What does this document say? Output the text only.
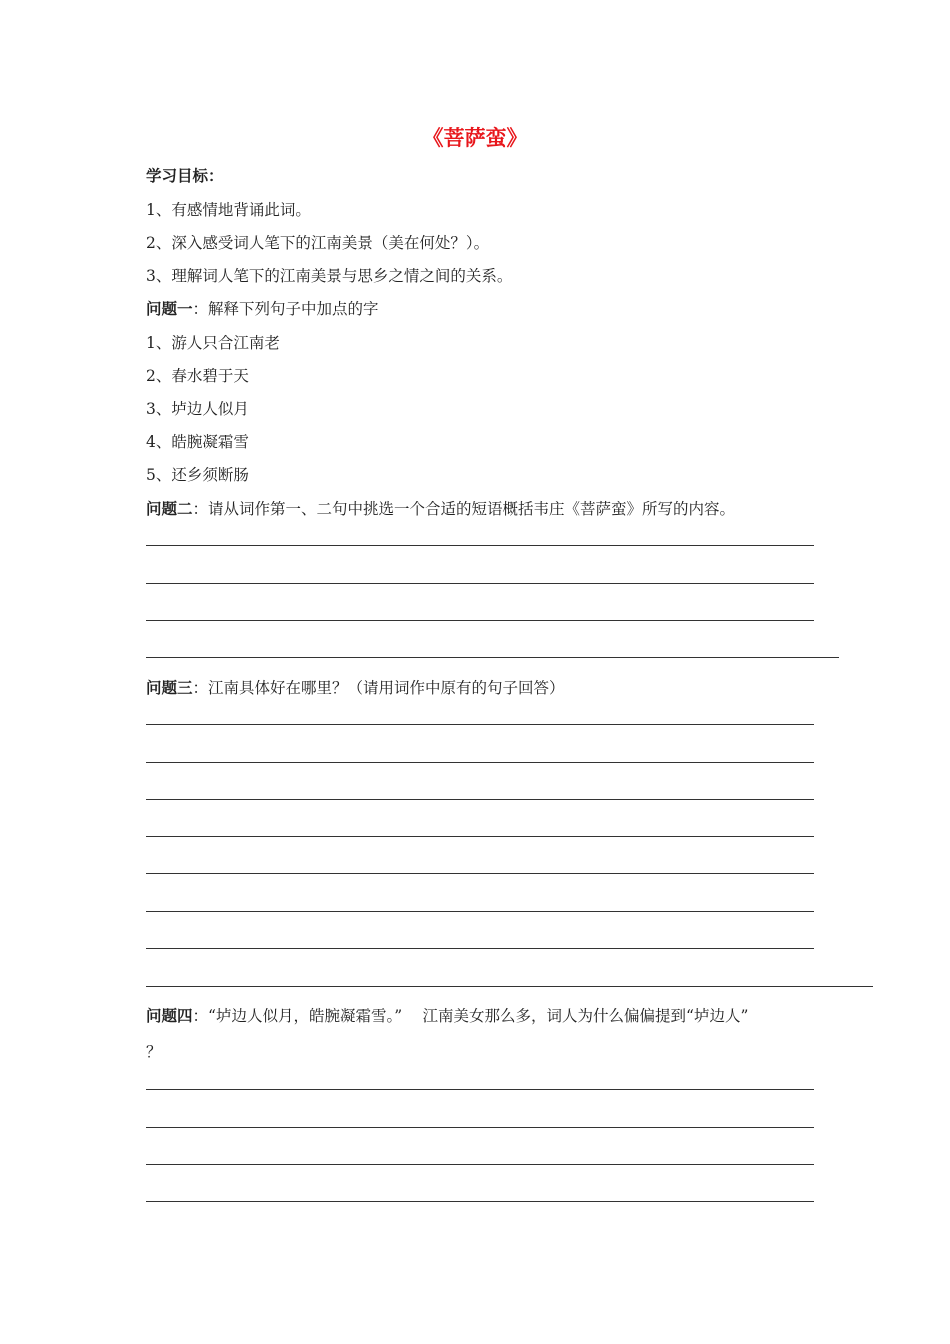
《菩萨蛮》
学习目标：
1、有感情地背诵此词。
2、深入感受词人笔下的江南美景（美在何处？）。
3、理解词人笔下的江南美景与思乡之情之间的关系。
问题一：解释下列句子中加点的字
1、游人只合江南老
2、春水碧于天
3、垆边人似月
4、皓腕凝霜雪
5、还乡须断肠
问题二：请从词作第一、二句中挑选一个合适的短语概括韦庄《菩萨蛮》所写的内容。
问题三：江南具体好在哪里？（请用词作中原有的句子回答）
问题四：“垆边人似月，皓腕凝霜雪。”　 江南美女那么多，词人为什么偏偏提到“垆边人”
？
